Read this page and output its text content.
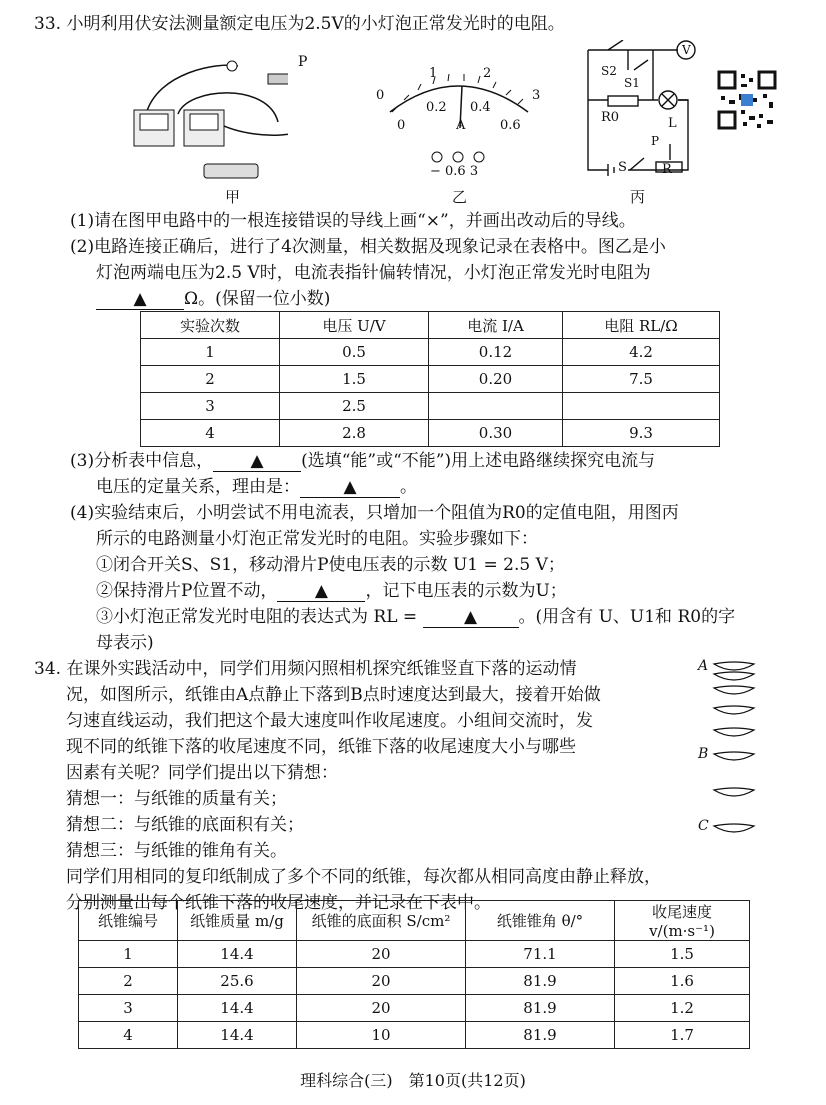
33. 小明利用伏安法测量额定电压为2.5V的小灯泡正常发光时的电阻。
P
甲
0
1	2
3
0
0.2 0.4
0.6
A
− 0.6 3
乙
S2
S1
V
R0	L
P
S	R
丙
(1)请在图甲电路中的一根连接错误的导线上画“×”，并画出改动后的导线。
(2)电路连接正确后，进行了4次测量，相关数据及现象记录在表格中。图乙是小
灯泡两端电压为2.5 V时，电流表指针偏转情况，小灯泡正常发光时电阻为
▲ Ω。(保留一位小数)
实验次数	电压 U/V	电流 I/A	电阻 RL/Ω
1	0.5	0.12	4.2
2	1.5	0.20	7.5
3	2.5		
4	2.8	0.30	9.3
(3)分析表中信息， ▲ (选填“能”或“不能”)用上述电路继续探究电流与
电压的定量关系，理由是：	▲	。
(4)实验结束后，小明尝试不用电流表，只增加一个阻值为R0的定值电阻，用图丙
所示的电路测量小灯泡正常发光时的电阻。实验步骤如下：
①闭合开关S、S1，移动滑片P使电压表的示数 U1 = 2.5 V；
②保持滑片P位置不动， ▲ ，记下电压表的示数为U；
③小灯泡正常发光时电阻的表达式为 RL =	▲ 。(用含有 U、U1和 R0的字
母表示)
34. 在课外实践活动中，同学们用频闪照相机探究纸锥竖直下落的运动情
况，如图所示，纸锥由A点静止下落到B点时速度达到最大，接着开始做
匀速直线运动，我们把这个最大速度叫作收尾速度。小组间交流时，发
现不同的纸锥下落的收尾速度不同，纸锥下落的收尾速度大小与哪些
因素有关呢？同学们提出以下猜想：
猜想一：与纸锥的质量有关；
猜想二：与纸锥的底面积有关；
猜想三：与纸锥的锥角有关。
同学们用相同的复印纸制成了多个不同的纸锥，每次都从相同高度由静止释放，
分别测量出每个纸锥下落的收尾速度，并记录在下表中。
A
B
C
纸锥编号	纸锥质量 m/g	纸锥的底面积 S/cm²	纸锥锥角 θ/°	收尾速度 v/(m·s⁻¹)
1	14.4	20	71.1	1.5
2	25.6	20	81.9	1.6
3	14.4	20	81.9	1.2
4	14.4	10	81.9	1.7
理科综合(三)　第10页(共12页)
